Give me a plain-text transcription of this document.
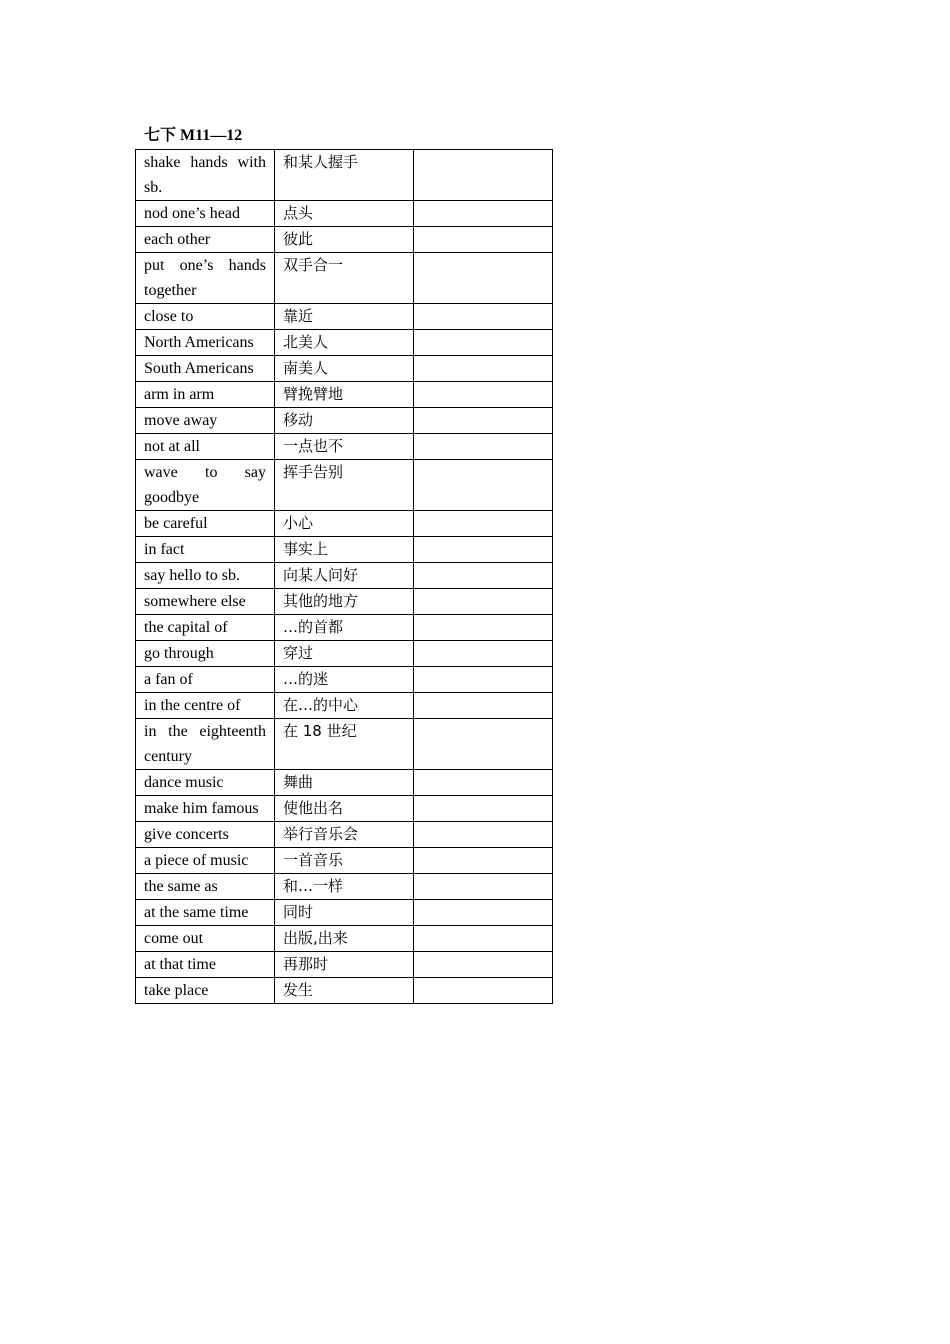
七下 M11—12
shake hands with sb.	和某人握手	
nod one’s head	点头	
each other	彼此	
put one’s hands together	双手合一	
close to	靠近	
North Americans	北美人	
South Americans	南美人	
arm in arm	臂挽臂地	
move away	移动	
not at all	一点也不	
wave to say goodbye	挥手告别	
be careful	小心	
in fact	事实上	
say hello to sb.	向某人问好	
somewhere else	其他的地方	
the capital of	…的首都	
go through	穿过	
a fan of	…的迷	
in the centre of	在…的中心	
in the eighteenth century	在 18 世纪	
dance music	舞曲	
make him famous	使他出名	
give concerts	举行音乐会	
a piece of music	一首音乐	
the same as	和…一样	
at the same time	同时	
come out	出版,出来	
at that time	再那时	
take place	发生	
